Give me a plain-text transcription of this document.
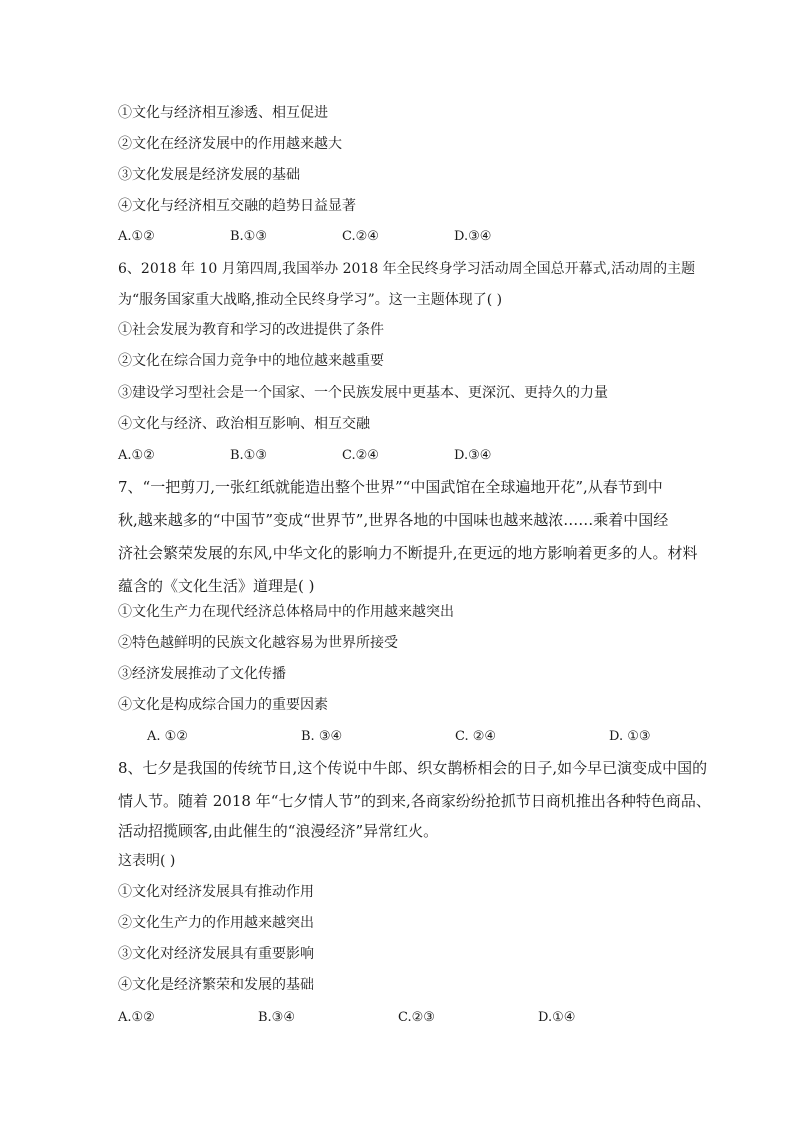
①文化与经济相互渗透、相互促进
②文化在经济发展中的作用越来越大
③文化发展是经济发展的基础
④文化与经济相互交融的趋势日益显著
A.①②	B.①③	C.②④	D.③④
6、2018 年 10 月第四周,我国举办 2018 年全民终身学习活动周全国总开幕式,活动周的主题
为“服务国家重大战略,推动全民终身学习”。这一主题体现了( )
①社会发展为教育和学习的改进提供了条件
②文化在综合国力竞争中的地位越来越重要
③建设学习型社会是一个国家、一个民族发展中更基本、更深沉、更持久的力量
④文化与经济、政治相互影响、相互交融
A.①②	B.①③	C.②④	D.③④
7、“一把剪刀,一张红纸就能造出整个世界”“中国武馆在全球遍地开花”,从春节到中
秋,越来越多的“中国节”变成“世界节”,世界各地的中国味也越来越浓……乘着中国经
济社会繁荣发展的东风,中华文化的影响力不断提升,在更远的地方影响着更多的人。材料
蕴含的《文化生活》道理是( )
①文化生产力在现代经济总体格局中的作用越来越突出
②特色越鲜明的民族文化越容易为世界所接受
③经济发展推动了文化传播
④文化是构成综合国力的重要因素
A. ①②	B. ③④	C. ②④	D. ①③
8、七夕是我国的传统节日,这个传说中牛郎、织女鹊桥相会的日子,如今早已演变成中国的
情人节。随着 2018 年“七夕情人节”的到来,各商家纷纷抢抓节日商机推出各种特色商品、
活动招揽顾客,由此催生的“浪漫经济”异常红火。
这表明( )
①文化对经济发展具有推动作用
②文化生产力的作用越来越突出
③文化对经济发展具有重要影响
④文化是经济繁荣和发展的基础
A.①②	B.③④	C.②③	D.①④
